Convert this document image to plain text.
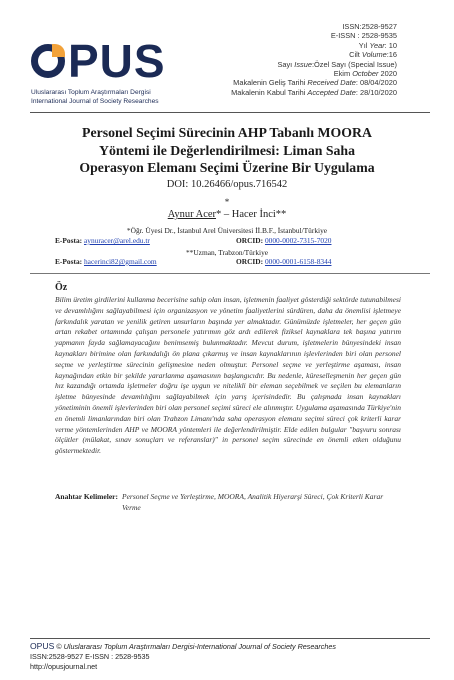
PUS
Uluslararası Toplum Araştırmaları Dergisi
International Journal of Society Researches
ISSN:2528-9527
E-ISSN : 2528-9535
Yıl Year: 10
Cilt Volume:16
Sayı Issue:Özel Sayı (Special Issue)
Ekim October 2020
Makalenin Geliş Tarihi Received Date: 08/04/2020
Makalenin Kabul Tarihi Accepted Date: 28/10/2020
Personel Seçimi Sürecinin AHP Tabanlı MOORA
Yöntemi ile Değerlendirilmesi: Liman Saha
Operasyon Elemanı Seçimi Üzerine Bir Uygulama
DOI: 10.26466/opus.716542
*
Aynur Acer* – Hacer İnci**
*Öğr. Üyesi Dr., İstanbul Arel Üniversitesi İİ.B.F., İstanbul/Türkiye
E-Posta: aynuracer@arel.edu.tr	ORCID: 0000-0002-7315-7020
**Uzman, Trabzon/Türkiye
E-Posta: hacerinci82@gmail.com	ORCID: 0000-0001-6158-8344
Öz
Bilim üretim girdilerini kullanma becerisine sahip olan insan, işletmenin faaliyet gösterdiği sektörde tutunabilmesi ve devamlılığını sağlayabilmesi için organizasyon ve yönetim faaliyetlerini sürdüren, daha da önemlisi işletmeye farkındalık yaratan ve yenilik getiren unsurların başında yer almaktadır. Günümüzde işletmeler, her geçen gün artan rekabet ortamında çalışan personele yatırımın göz ardı edilerek fiziksel kaynaklara tek başına yatırım yapmanın fayda sağlamayacağını benimsemiş bulunmaktadır. Mevcut durum, işletmelerin bünyesindeki insan kaynakları birimine olan farkındalığı ön plana çıkarmış ve insan kaynaklarının işlevlerinden biri olan personel seçme ve yerleştirme sürecinin gelişmesine neden olmuştur. Personel seçme ve yerleştirme aşaması, insan kaynağından etkin bir şekilde yararlanma aşamasının başlangıcıdır. Bu nedenle, küreselleşmenin her geçen gün hız kazandığı ortamda işletmeler doğru işe uygun ve nitelikli bir eleman seçebilmek ve seçilen bu elemanların işletme bünyesinde devamlılığını sağlayabilmek için yarış içerisindedir. Bu çalışmada insan kaynakları yönetiminin önemli işlevlerinden biri olan personel seçimi süreci ele alınmıştır. Uygulama aşamasında Türkiye'nin en önemli limanlarından biri olan Trabzon Limanı'nda saha operasyon elemanı seçimi süreci çok kriterli karar verme yöntemlerinden AHP ve MOORA yöntemleri ile değerlendirilmiştir. Elde edilen bulgular "başvuru sonrası ölçütler (mülakat, sınav sonuçları ve referanslar)" in personel seçim sürecinde en önemli etken olduğunu göstermektedir.
Anahtar Kelimeler: Personel Seçme ve Yerleştirme, MOORA, Analitik Hiyerarşi Süreci, Çok Kriterli Karar Verme
OPUS © Uluslararası Toplum Araştırmaları Dergisi-International Journal of Society Researches
ISSN:2528-9527 E-ISSN : 2528-9535
http://opusjournal.net
